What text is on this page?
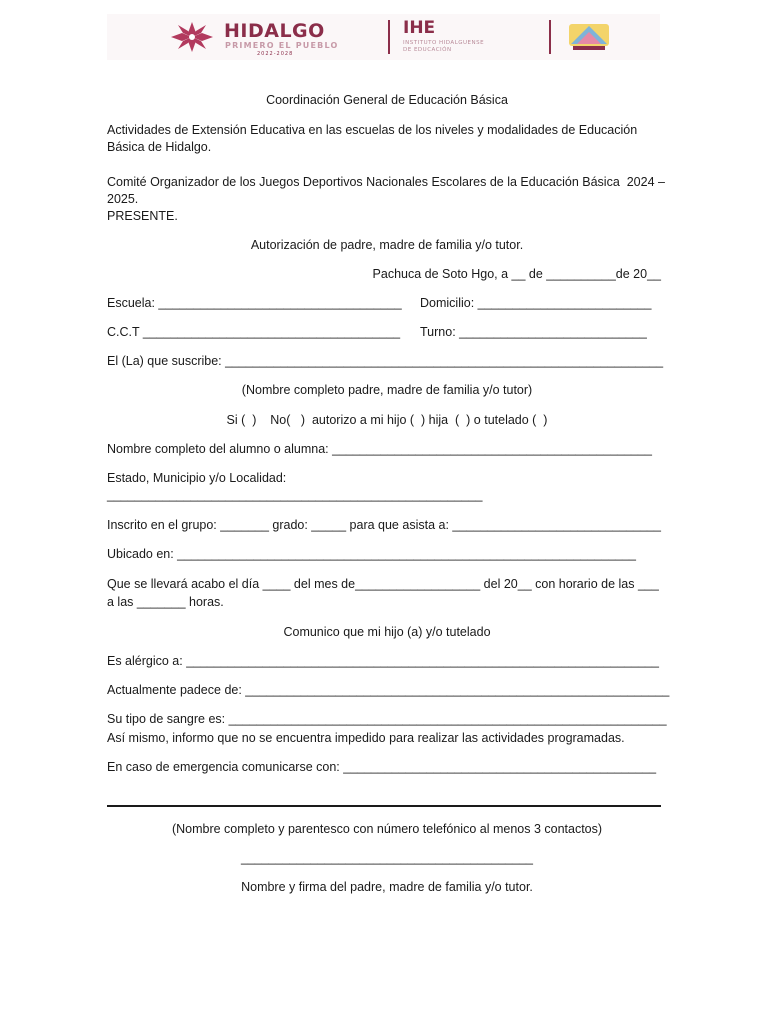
HIDALGO
PRIMERO EL PUEBLO
2022-2028
IHE
INSTITUTO HIDALGUENSE
DE EDUCACIÓN
Coordinación General de Educación Básica
Actividades de Extensión Educativa en las escuelas de los niveles y modalidades de Educación
Básica de Hidalgo.
Comité Organizador de los Juegos Deportivos Nacionales Escolares de la Educación Básica  2024 –
2025.
PRESENTE.
Autorización de padre, madre de familia y/o tutor.
Pachuca de Soto Hgo, a __ de __________de 20__
Escuela: ___________________________________	Domicilio: _________________________
C.C.T _____________________________________	Turno: ___________________________
El (La) que suscribe: _______________________________________________________________
(Nombre completo padre, madre de familia y/o tutor)
Si (  )    No(   )  autorizo a mi hijo (  ) hija  (  ) o tutelado (  )
Nombre completo del alumno o alumna: ______________________________________________
Estado, Municipio y/o Localidad:
______________________________________________________
Inscrito en el grupo: _______ grado: _____ para que asista a: ______________________________
Ubicado en: __________________________________________________________________
Que se llevará acabo el día ____ del mes de__________________ del 20__ con horario de las ___
a las _______ horas.
Comunico que mi hijo (a) y/o tutelado
Es alérgico a: ____________________________________________________________________
Actualmente padece de: _____________________________________________________________
Su tipo de sangre es: _______________________________________________________________
Así mismo, informo que no se encuentra impedido para realizar las actividades programadas.
En caso de emergencia comunicarse con: _____________________________________________
(Nombre completo y parentesco con número telefónico al menos 3 contactos)
__________________________________________
Nombre y firma del padre, madre de familia y/o tutor.
